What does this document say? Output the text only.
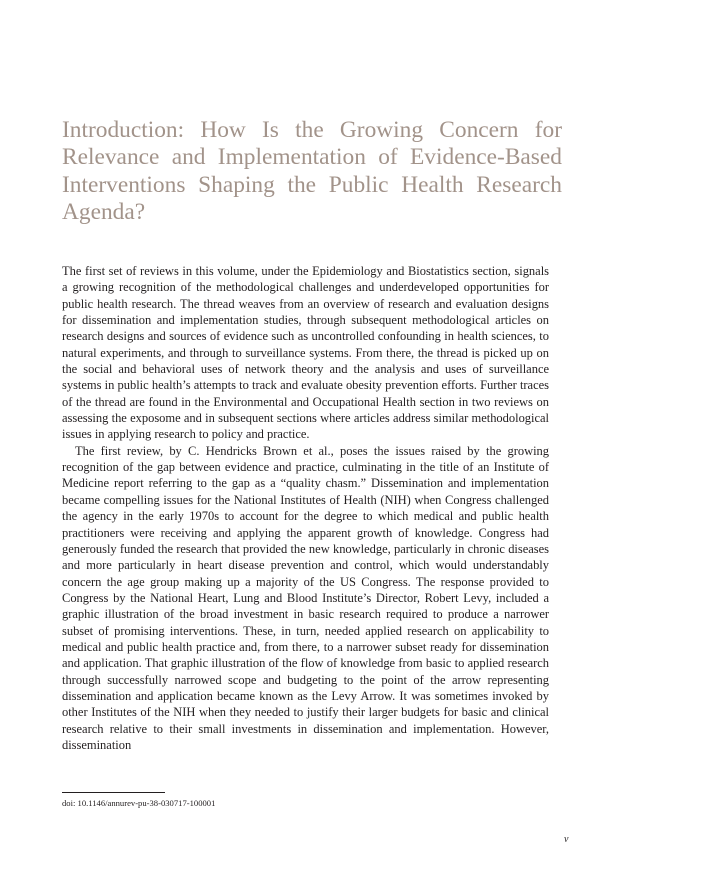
Introduction: How Is the Growing Concern for Relevance and Implementation of Evidence-Based Interventions Shaping the Public Health Research Agenda?

The first set of reviews in this volume, under the Epidemiology and Biostatistics section, signals a growing recognition of the methodological challenges and underdeveloped opportunities for public health research. The thread weaves from an overview of research and evaluation designs for dissemination and implementation studies, through subsequent methodological articles on research designs and sources of evidence such as uncontrolled confounding in health sciences, to natural experiments, and through to surveillance systems. From there, the thread is picked up on the social and behavioral uses of network theory and the analysis and uses of surveillance systems in public health’s attempts to track and evaluate obesity prevention efforts. Further traces of the thread are found in the Environmental and Occupational Health section in two reviews on assessing the exposome and in subsequent sections where articles address similar methodological issues in applying research to policy and practice.

The first review, by C. Hendricks Brown et al., poses the issues raised by the growing recognition of the gap between evidence and practice, culminating in the title of an Institute of Medicine report referring to the gap as a “quality chasm.” Dissemination and implementation became compelling issues for the National Institutes of Health (NIH) when Congress challenged the agency in the early 1970s to account for the degree to which medical and public health practitioners were receiving and applying the apparent growth of knowledge. Congress had generously funded the research that provided the new knowledge, particularly in chronic diseases and more particularly in heart disease prevention and control, which would understandably concern the age group making up a majority of the US Congress. The response provided to Congress by the National Heart, Lung and Blood Institute’s Director, Robert Levy, included a graphic illustration of the broad investment in basic research required to produce a narrower subset of promising interventions. These, in turn, needed applied research on applicability to medical and public health practice and, from there, to a narrower subset ready for dissemination and application. That graphic illustration of the flow of knowledge from basic to applied research through successfully narrowed scope and budgeting to the point of the arrow representing dissemination and application became known as the Levy Arrow. It was sometimes invoked by other Institutes of the NIH when they needed to justify their larger budgets for basic and clinical research relative to their small investments in dissemination and implementation. However, dissemination

doi: 10.1146/annurev-pu-38-030717-100001
v
